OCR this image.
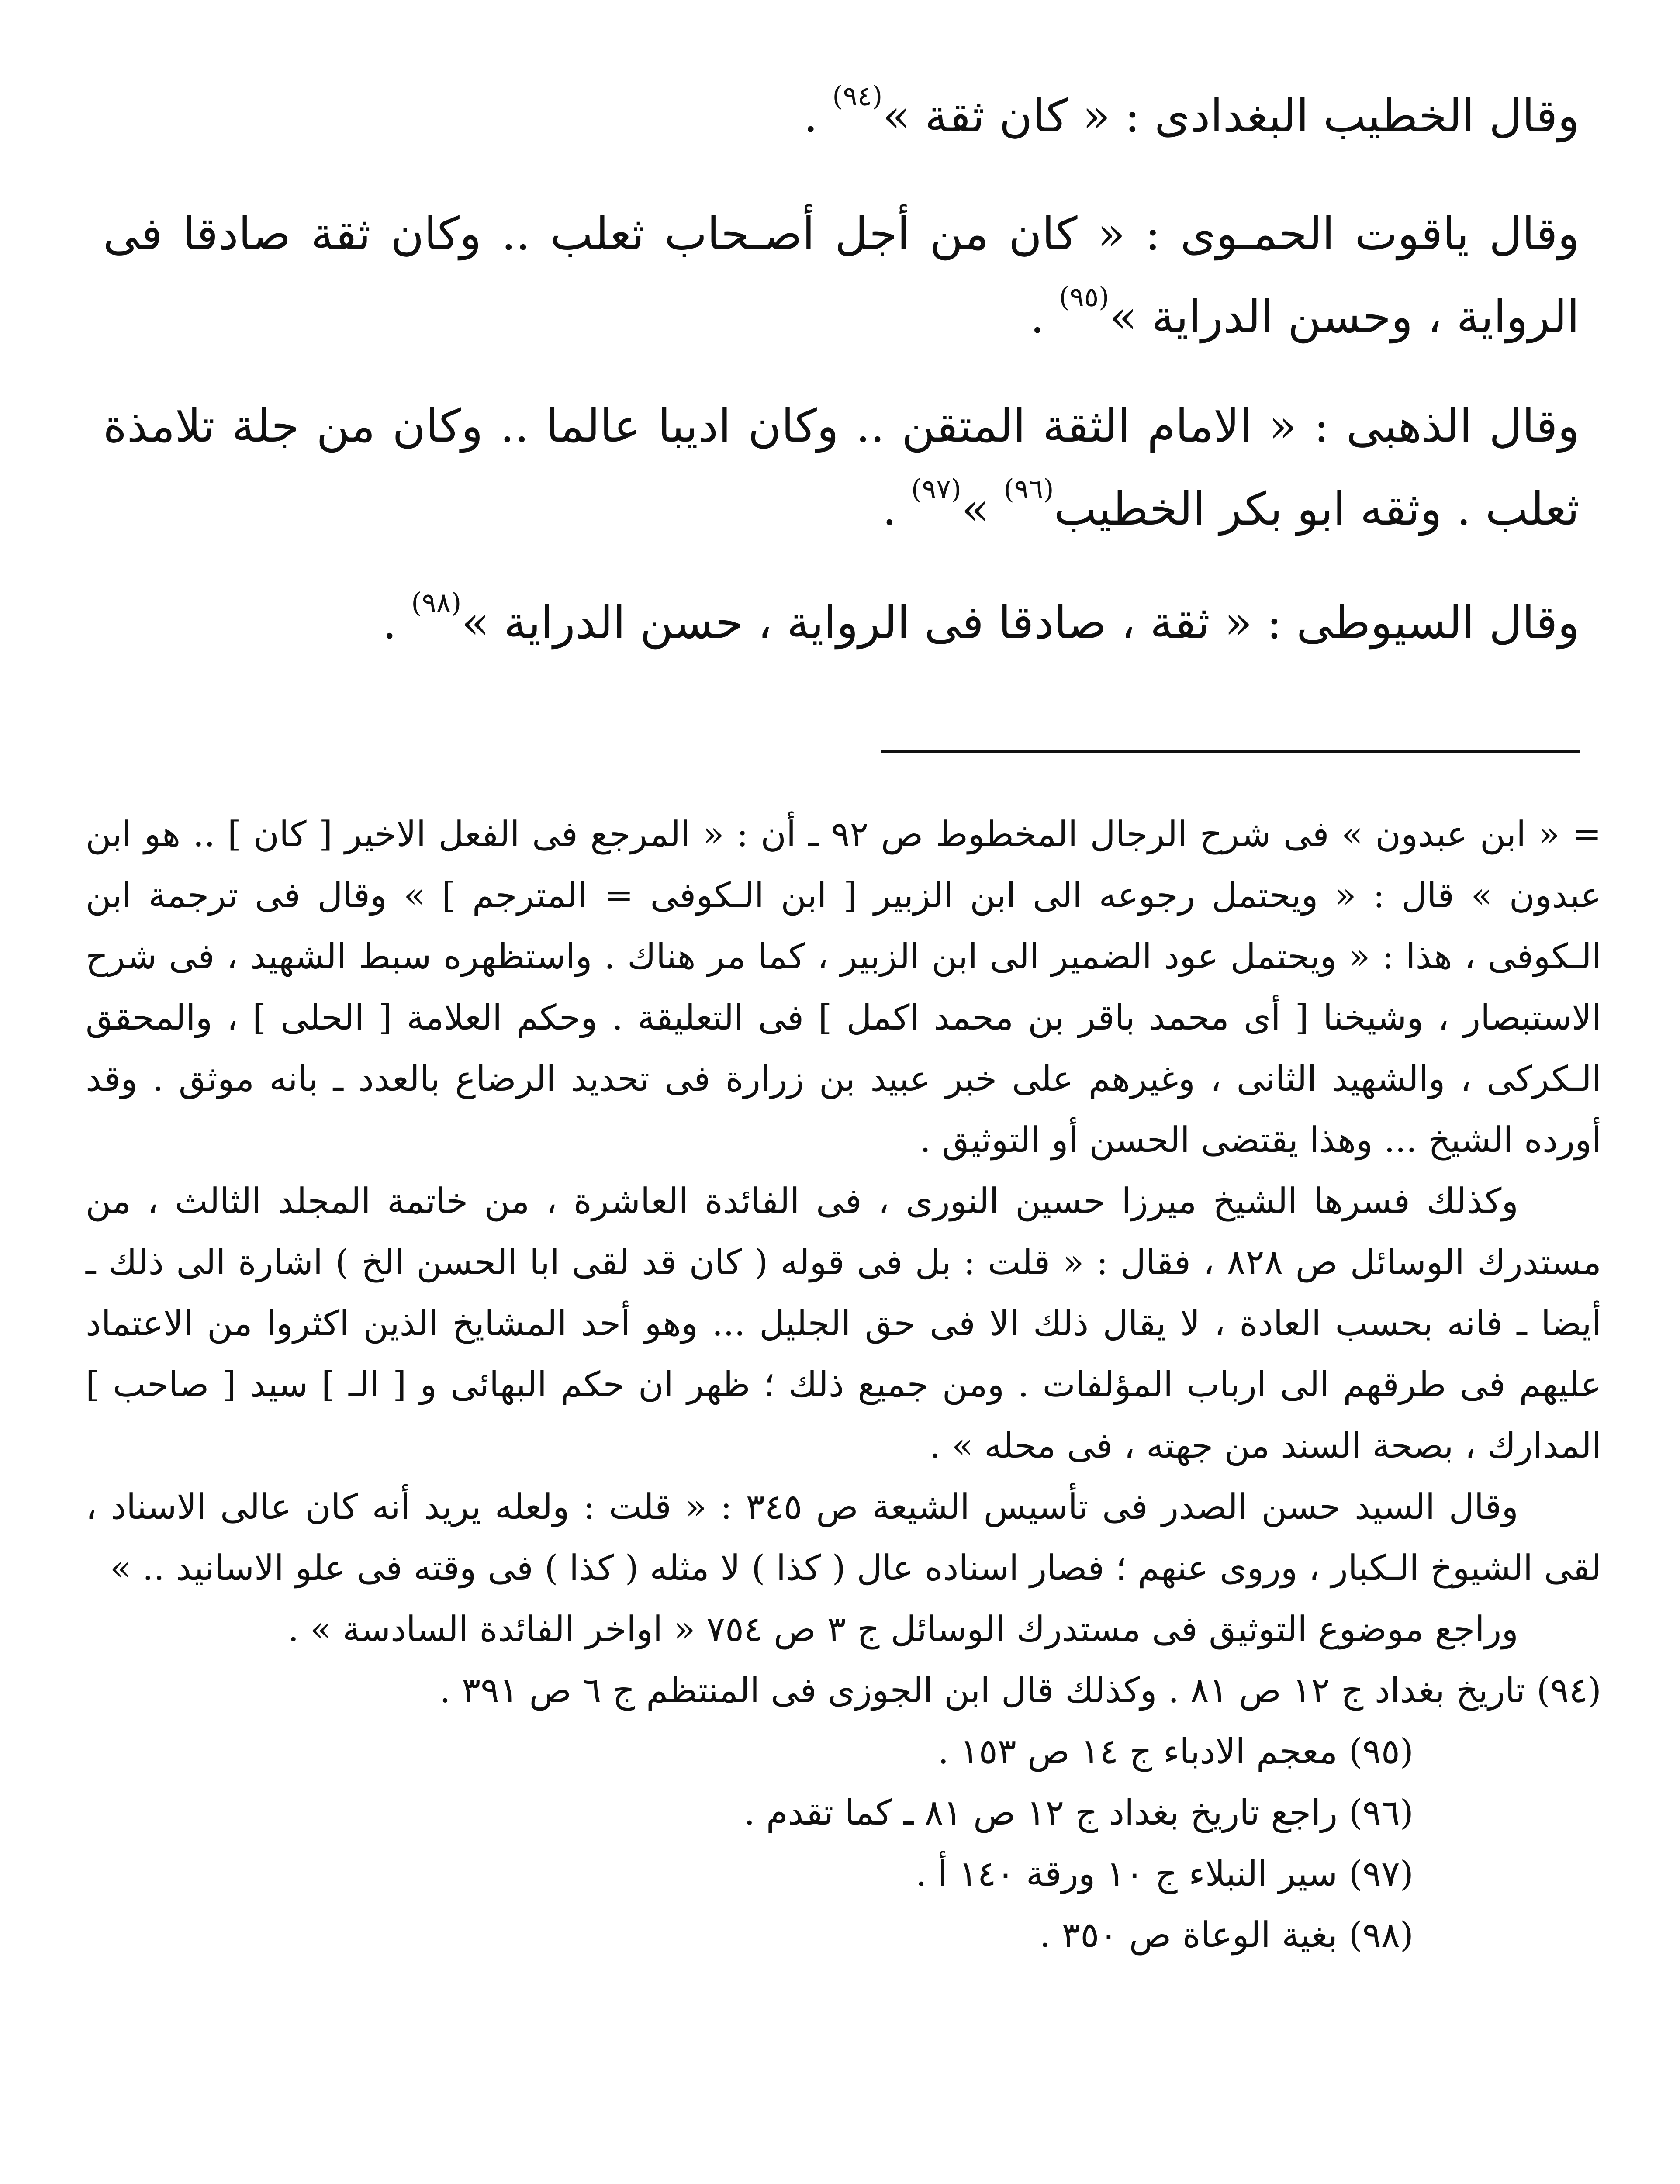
وقال الخطيب البغدادى : « كان ثقة »$^{(٩٤)}$ .
وقال ياقوت الحمـوى : « كان من أجل أصـحاب ثعلب .. وكان ثقة صادقا فى الرواية ، وحسن الدراية »$^{(٩٥)}$ .
وقال الذهبى : « الامام الثقة المتقن .. وكان اديبا عالما .. وكان من جلة تلامذة ثعلب . وثقه ابو بكر الخطيب$^{(٩٦)}$ »$^{(٩٧)}$ .
وقال السيوطى : « ثقة ، صادقا فى الرواية ، حسن الدراية »$^{(٩٨)}$ .

= « ابن عبدون » فى شرح الرجال المخطوط ص ٩٢ ـ أن : « المرجع فى الفعل الاخير [ كان ] .. هو ابن عبدون » قال : « ويحتمل رجوعه الى ابن الزبير [ ابن الـكوفى = المترجم ] » وقال فى ترجمة ابن الـكوفى ، هذا : « ويحتمل عود الضمير الى ابن الزبير ، كما مر هناك . واستظهره سبط الشهيد ، فى شرح الاستبصار ، وشيخنا [ أى محمد باقر بن محمد اكمل ] فى التعليقة . وحكم العلامة [ الحلى ] ، والمحقق الـكركى ، والشهيد الثانى ، وغيرهم على خبر عبيد بن زرارة فى تحديد الرضاع بالعدد ـ بانه موثق . وقد أورده الشيخ ... وهذا يقتضى الحسن أو التوثيق .

وكذلك فسرها الشيخ ميرزا حسين النورى ، فى الفائدة العاشرة ، من خاتمة المجلد الثالث ، من مستدرك الوسائل ص ٨٢٨ ، فقال : « قلت : بل فى قوله ( كان قد لقى ابا الحسن الخ ) اشارة الى ذلك ـ أيضا ـ فانه بحسب العادة ، لا يقال ذلك الا فى حق الجليل ... وهو أحد المشايخ الذين اكثروا من الاعتماد عليهم فى طرقهم الى ارباب المؤلفات . ومن جميع ذلك ؛ ظهر ان حكم البهائى و [ الـ ] سيد [ صاحب ] المدارك ، بصحة السند من جهته ، فى محله » .

وقال السيد حسن الصدر فى تأسيس الشيعة ص ٣٤٥ : « قلت : ولعله يريد أنه كان عالى الاسناد ، لقى الشيوخ الـكبار ، وروى عنهم ؛ فصار اسناده عال ( كذا ) لا مثله ( كذا ) فى وقته فى علو الاسانيد .. »

وراجع موضوع التوثيق فى مستدرك الوسائل ج ٣ ص ٧٥٤ « اواخر الفائدة السادسة » .

(٩٤) تاريخ بغداد ج ١٢ ص ٨١ . وكذلك قال ابن الجوزى فى المنتظم ج ٦ ص ٣٩١ .

(٩٥) معجم الادباء ج ١٤ ص ١٥٣ .

(٩٦) راجع تاريخ بغداد ج ١٢ ص ٨١ ـ كما تقدم .

(٩٧) سير النبلاء ج ١٠ ورقة ١٤٠ أ .

(٩٨) بغية الوعاة ص ٣٥٠ .
